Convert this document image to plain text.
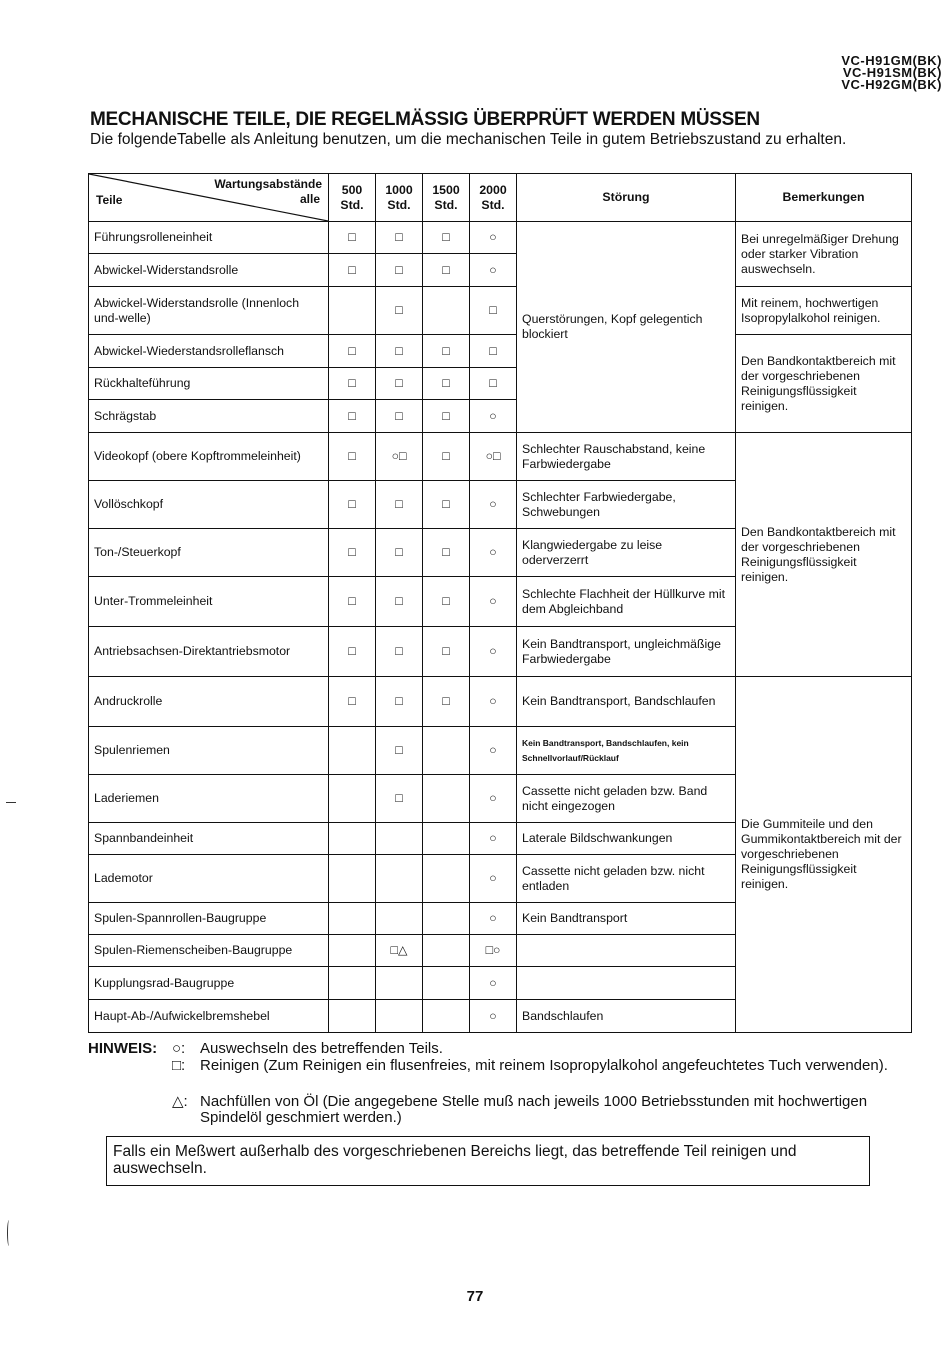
VC-H91GM(BK)
VC-H91SM(BK)
VC-H92GM(BK)
MECHANISCHE TEILE, DIE REGELMÄSSIG ÜBERPRÜFT WERDEN MÜSSEN
Die folgendeTabelle als Anleitung benutzen, um die mechanischen Teile in gutem Betriebszustand zu erhalten.
Wartungsabstände
alle
Teile	500 Std.	1000 Std.	1500 Std.	2000 Std.	Störung	Bemerkungen
Führungsrolleneinheit	□	□	□	○	Querstörungen, Kopf gelegentich blockiert	Bei unregelmäßiger Drehung oder starker Vibration auswechseln.
Abwickel-Widerstandsrolle	□	□	□	○		
Abwickel-Widerstandsrolle (Innenloch und-welle)		□		□		Mit reinem, hochwertigen Isopropylalkohol reinigen.
Abwickel-Wiederstandsrolleflansch	□	□	□	□		Den Bandkontaktbereich mit der vorgeschriebenen Reinigungsflüssigkeit reinigen.
Rückhalteführung	□	□	□	□		
Schrägstab	□	□	□	○		
Videokopf (obere Kopftrommeleinheit)	□	○□	□	○□	Schlechter Rauschabstand, keine Farbwiedergabe	Den Bandkontaktbereich mit der vorgeschriebenen Reinigungsflüssigkeit reinigen.
Vollöschkopf	□	□	□	○	Schlechter Farbwiedergabe, Schwebungen	
Ton-/Steuerkopf	□	□	□	○	Klangwiedergabe zu leise oderverzerrt	
Unter-Trommeleinheit	□	□	□	○	Schlechte Flachheit der Hüllkurve mit dem Abgleichband	
Antriebsachsen-Direktantriebsmotor	□	□	□	○	Kein Bandtransport, ungleichmäßige Farbwiedergabe	
Andruckrolle	□	□	□	○	Kein Bandtransport, Bandschlaufen	Die Gummiteile und den Gummikontaktbereich mit der vorgeschriebenen Reinigungsflüssigkeit reinigen.
Spulenriemen		□		○	Kein Bandtransport, Bandschlaufen, kein Schnellvorlauf/Rücklauf	
Laderiemen		□		○	Cassette nicht geladen bzw. Band nicht eingezogen	
Spannbandeinheit				○	Laterale Bildschwankungen	
Lademotor				○	Cassette nicht geladen bzw. nicht entladen	
Spulen-Spannrollen-Baugruppe				○	Kein Bandtransport	
Spulen-Riemenscheiben-Baugruppe		□△		□○		
Kupplungsrad-Baugruppe				○		
Haupt-Ab-/Aufwickelbremshebel				○	Bandschlaufen	
HINWEIS: ○: Auswechseln des betreffenden Teils.
□: Reinigen (Zum Reinigen ein flusenfreies, mit reinem Isopropylalkohol angefeuchtetes Tuch verwenden).
△: Nachfüllen von Öl (Die angegebene Stelle muß nach jeweils 1000 Betriebsstunden mit hochwertigen Spindelöl geschmiert werden.)
Falls ein Meßwert außerhalb des vorgeschriebenen Bereichs liegt, das betreffende Teil reinigen und auswechseln.
77
